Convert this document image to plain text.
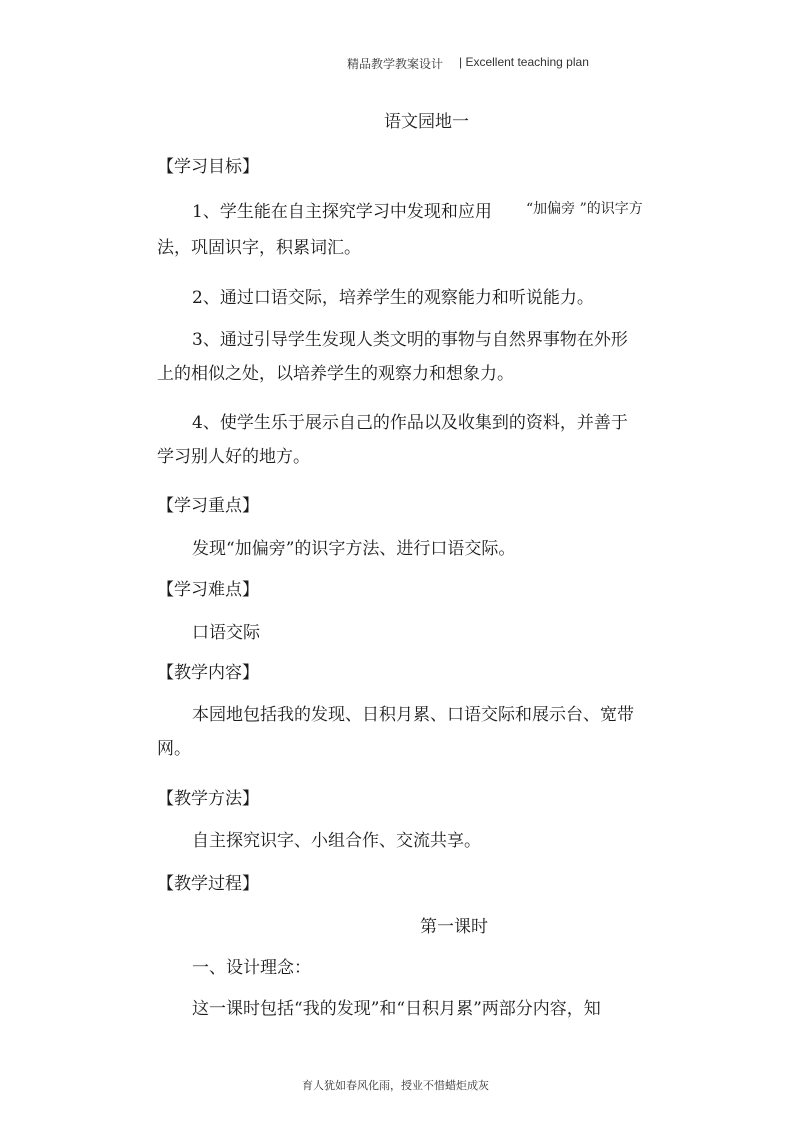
精品教学教案设计 | Excellent teaching plan
语文园地一
【学习目标】
1、学生能在自主探究学习中发现和应用 “加偏旁 ”的识字方
法，巩固识字，积累词汇。
2、通过口语交际，培养学生的观察能力和听说能力。
3、通过引导学生发现人类文明的事物与自然界事物在外形
上的相似之处，以培养学生的观察力和想象力。
4、使学生乐于展示自己的作品以及收集到的资料，并善于
学习别人好的地方。
【学习重点】
发现“加偏旁”的识字方法、进行口语交际。
【学习难点】
口语交际
【教学内容】
本园地包括我的发现、日积月累、口语交际和展示台、宽带
网。
【教学方法】
自主探究识字、小组合作、交流共享。
【教学过程】
第一课时
一、设计理念：
这一课时包括“我的发现”和“日积月累”两部分内容，知
育人犹如春风化雨，授业不惜蜡炬成灰
